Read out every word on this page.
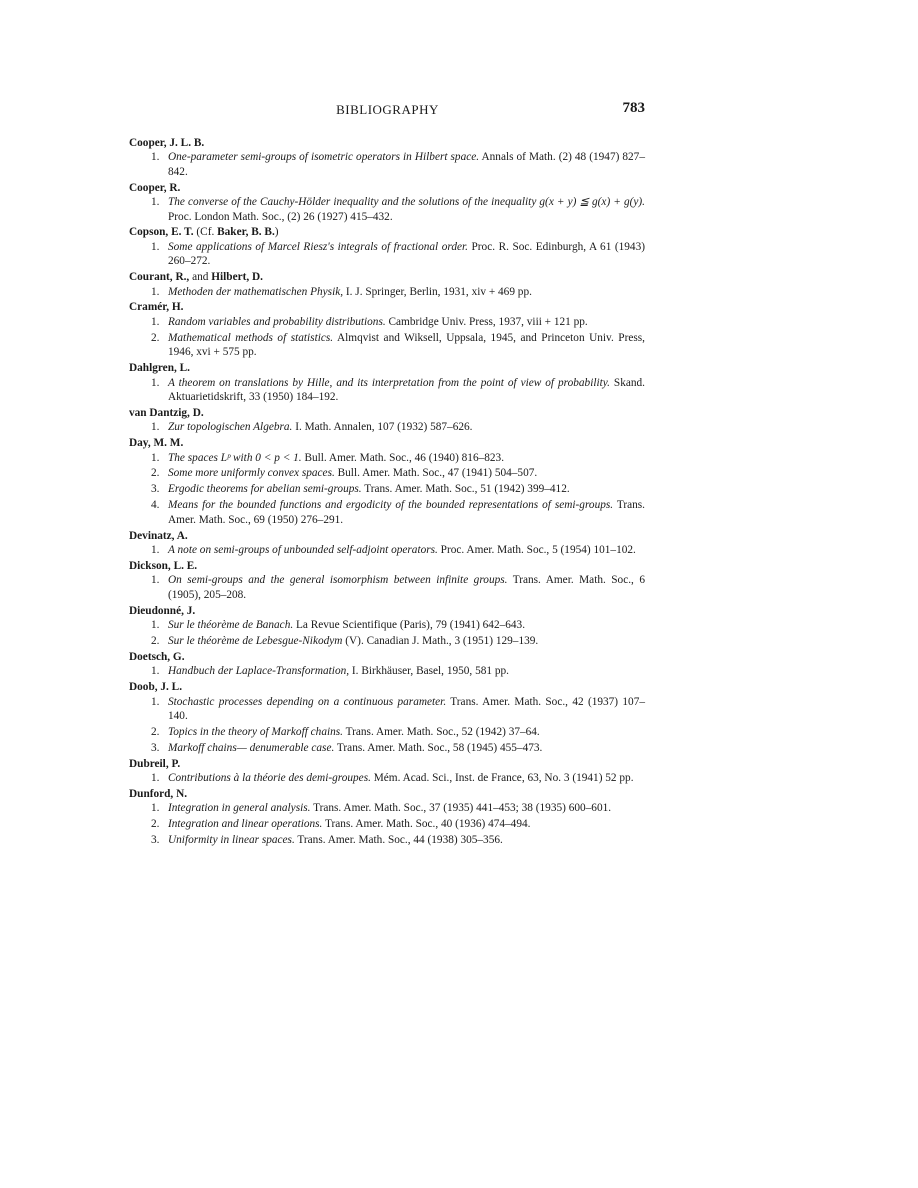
BIBLIOGRAPHY	783
Cooper, J. L. B.
1. One-parameter semi-groups of isometric operators in Hilbert space. Annals of Math. (2) 48 (1947) 827–842.
Cooper, R.
1. The converse of the Cauchy-Hölder inequality and the solutions of the inequality g(x + y) ≦ g(x) + g(y). Proc. London Math. Soc., (2) 26 (1927) 415–432.
Copson, E. T. (Cf. Baker, B. B.)
1. Some applications of Marcel Riesz's integrals of fractional order. Proc. R. Soc. Edinburgh, A 61 (1943) 260–272.
Courant, R., and Hilbert, D.
1. Methoden der mathematischen Physik, I. J. Springer, Berlin, 1931, xiv + 469 pp.
Cramér, H.
1. Random variables and probability distributions. Cambridge Univ. Press, 1937, viii + 121 pp.
2. Mathematical methods of statistics. Almqvist and Wiksell, Uppsala, 1945, and Princeton Univ. Press, 1946, xvi + 575 pp.
Dahlgren, L.
1. A theorem on translations by Hille, and its interpretation from the point of view of probability. Skand. Aktuarietidskrift, 33 (1950) 184–192.
van Dantzig, D.
1. Zur topologischen Algebra. I. Math. Annalen, 107 (1932) 587–626.
Day, M. M.
1. The spaces Lᵖ with 0 < p < 1. Bull. Amer. Math. Soc., 46 (1940) 816–823.
2. Some more uniformly convex spaces. Bull. Amer. Math. Soc., 47 (1941) 504–507.
3. Ergodic theorems for abelian semi-groups. Trans. Amer. Math. Soc., 51 (1942) 399–412.
4. Means for the bounded functions and ergodicity of the bounded representations of semi-groups. Trans. Amer. Math. Soc., 69 (1950) 276–291.
Devinatz, A.
1. A note on semi-groups of unbounded self-adjoint operators. Proc. Amer. Math. Soc., 5 (1954) 101–102.
Dickson, L. E.
1. On semi-groups and the general isomorphism between infinite groups. Trans. Amer. Math. Soc., 6 (1905), 205–208.
Dieudonné, J.
1. Sur le théorème de Banach. La Revue Scientifique (Paris), 79 (1941) 642–643.
2. Sur le théorème de Lebesgue-Nikodym (V). Canadian J. Math., 3 (1951) 129–139.
Doetsch, G.
1. Handbuch der Laplace-Transformation, I. Birkhäuser, Basel, 1950, 581 pp.
Doob, J. L.
1. Stochastic processes depending on a continuous parameter. Trans. Amer. Math. Soc., 42 (1937) 107–140.
2. Topics in the theory of Markoff chains. Trans. Amer. Math. Soc., 52 (1942) 37–64.
3. Markoff chains— denumerable case. Trans. Amer. Math. Soc., 58 (1945) 455–473.
Dubreil, P.
1. Contributions à la théorie des demi-groupes. Mém. Acad. Sci., Inst. de France, 63, No. 3 (1941) 52 pp.
Dunford, N.
1. Integration in general analysis. Trans. Amer. Math. Soc., 37 (1935) 441–453; 38 (1935) 600–601.
2. Integration and linear operations. Trans. Amer. Math. Soc., 40 (1936) 474–494.
3. Uniformity in linear spaces. Trans. Amer. Math. Soc., 44 (1938) 305–356.
